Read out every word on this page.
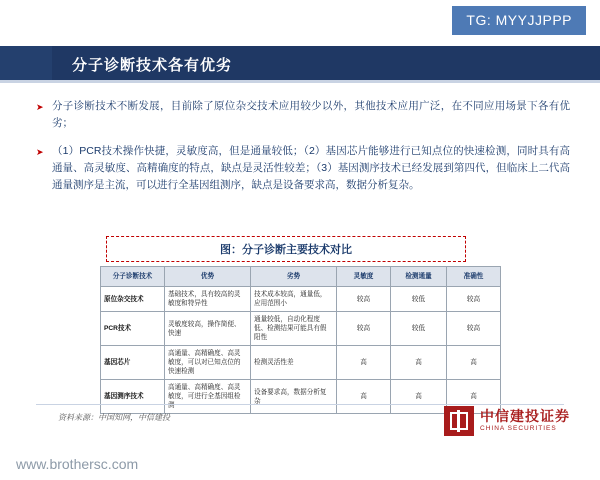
TG: MYYJJPPP
分子诊断技术各有优劣
➤ 分子诊断技术不断发展，目前除了原位杂交技术应用较少以外，其他技术应用广泛，在不同应用场景下各有优劣；
➤ （1）PCR技术操作快捷，灵敏度高，但是通量较低；（2）基因芯片能够进行已知点位的快速检测，同时具有高通量、高灵敏度、高精确度的特点，缺点是灵活性较差；（3）基因测序技术已经发展到第四代，但临床上二代高通量测序是主流，可以进行全基因组测序，缺点是设备要求高，数据分析复杂。
图：分子诊断主要技术对比
分子诊断技术	优势	劣势	灵敏度	检测通量	准确性
原位杂交技术	基础技术，具有较高的灵敏度和特异性	技术成本较高，通量低，应用范围小	较高	较低	较高
PCR技术	灵敏度较高，操作简便、快速	通量较低，自动化程度低、检测结果可能具有假阳性	较高	较低	较高
基因芯片	高通量、高精确度、高灵敏度，可以对已知点位的快速检测	检测灵活性差	高	高	高
基因测序技术	高通量、高精确度、高灵敏度，可进行全基因组检测	设备要求高，数据分析复杂	高	高	高
资料来源：中国知网，中信建投	中信建投证券
CHINA SECURITIES
www.brothersc.com
